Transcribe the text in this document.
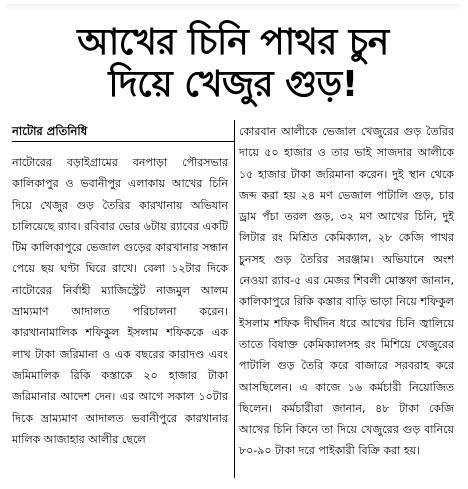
আখের চিনি পাথর চুন
দিয়ে খেজুর গুড়!
নাটোর প্রতিনিধি

নাটোরের বড়াইগ্রামের বনপাড়া পৌরসভার কালিকাপুর ও ভবানীপুর এলাকায় আখের চিনি দিয়ে খেজুর গুড় তৈরির কারখানায় অভিযান চালিয়েছে র‍্যাব। রবিবার ভোর ৬টায় র‍্যাবের একটি টিম কালিকাপুরে ভেজাল গুড়ের কারখানার সন্ধান পেয়ে ছয় ঘণ্টা ঘিরে রাখে। বেলা ১২টার দিকে নাটোরের নির্বাহী ম্যাজিস্ট্রেট নাজমুল আলম ভ্রাম্যমাণ আদালত পরিচালনা করেন। কারখানামালিক শফিকুল ইসলাম শফিককে এক লাখ টাকা জরিমানা ও এক বছরের কারাদণ্ড এবং জমিমালিক রিকি কস্তাকে ২০ হাজার টাকা জরিমানার আদেশ দেন। এর আগে সকাল ১০টার দিকে ভ্রাম্যমাণ আদালত ভবানীপুরে কারখানার মালিক আজাহার আলীর ছেলে

কোরবান আলীকে ভেজাল খেজুরের গুড় তৈরির দায়ে ৫০ হাজার ও তার ভাই সাজদার আলীকে ১৫ হাজার টাকা জরিমানা করেন। দুই স্থান থেকে জব্দ করা হয় ২৪ মণ ভেজাল পাটালি গুড়, চার ড্রাম পঁচা তরল গুড়, ৩২ মণ আখের চিনি, দুই লিটার রং মিশ্রিত কেমিক্যাল, ২৮ কেজি পাথর চুনসহ গুড় তৈরির সরঞ্জাম। অভিযানে অংশ নেওয়া র‍্যাব-৫ এর মেজর শিবলী মোস্তফা জানান, কালিকাপুরে রিকি কস্তার বাড়ি ভাড়া নিয়ে শফিকুল ইসলাম শফিক দীর্ঘদিন ধরে আখের চিনি জ্বালিয়ে তাতে বিষাক্ত কেমিক্যালসহ রং মিশিয়ে খেজুরের পাটালি গুড় তৈরি করে বাজারে সরবরাহ করে আসছিলেন। এ কাজে ১৬ কর্মচারী নিয়োজিত ছিলেন। কর্মচারীরা জানান, ৪৮ টাকা কেজি আখের চিনি কিনে তা দিয়ে খেজুরের গুড় বানিয়ে ৮০-৯০ টাকা দরে পাইকারী বিক্রি করা হয়।
